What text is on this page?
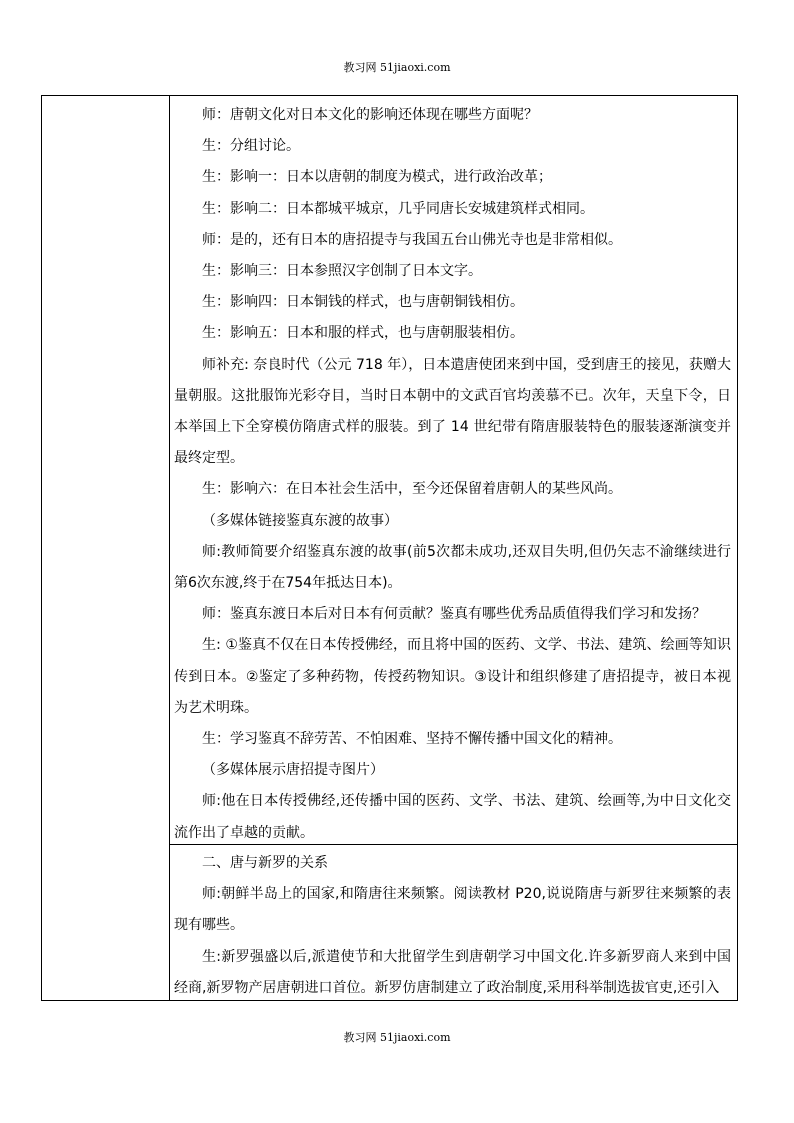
教习网 51jiaoxi.com

师：唐朝文化对日本文化的影响还体现在哪些方面呢？

生：分组讨论。

生：影响一：日本以唐朝的制度为模式，进行政治改革；

生：影响二：日本都城平城京，几乎同唐长安城建筑样式相同。

师：是的，还有日本的唐招提寺与我国五台山佛光寺也是非常相似。

生：影响三：日本参照汉字创制了日本文字。

生：影响四：日本铜钱的样式，也与唐朝铜钱相仿。

生：影响五：日本和服的样式，也与唐朝服装相仿。

师补充: 奈良时代（公元 718 年），日本遣唐使团来到中国，受到唐王的接见，获赠大量朝服。这批服饰光彩夺目，当时日本朝中的文武百官均羡慕不已。次年，天皇下令，日本举国上下全穿模仿隋唐式样的服装。到了 14 世纪带有隋唐服装特色的服装逐渐演变并最终定型。

生：影响六：在日本社会生活中，至今还保留着唐朝人的某些风尚。

（多媒体链接鉴真东渡的故事）

师:教师简要介绍鉴真东渡的故事(前5次都未成功,还双目失明,但仍矢志不渝继续进行第6次东渡,终于在754年抵达日本)。

师：鉴真东渡日本后对日本有何贡献？鉴真有哪些优秀品质值得我们学习和发扬？

生: ①鉴真不仅在日本传授佛经，而且将中国的医药、文学、书法、建筑、绘画等知识传到日本。②鉴定了多种药物，传授药物知识。③设计和组织修建了唐招提寺，被日本视为艺术明珠。

生：学习鉴真不辞劳苦、不怕困难、坚持不懈传播中国文化的精神。

（多媒体展示唐招提寺图片）

师:他在日本传授佛经,还传播中国的医药、文学、书法、建筑、绘画等,为中日文化交流作出了卓越的贡献。

二、唐与新罗的关系

师:朝鲜半岛上的国家,和隋唐往来频繁。阅读教材 P20,说说隋唐与新罗往来频繁的表现有哪些。

生:新罗强盛以后,派遣使节和大批留学生到唐朝学习中国文化.许多新罗商人来到中国经商,新罗物产居唐朝进口首位。新罗仿唐制建立了政治制度,采用科举制选拔官吏,还引入

教习网 51jiaoxi.com
